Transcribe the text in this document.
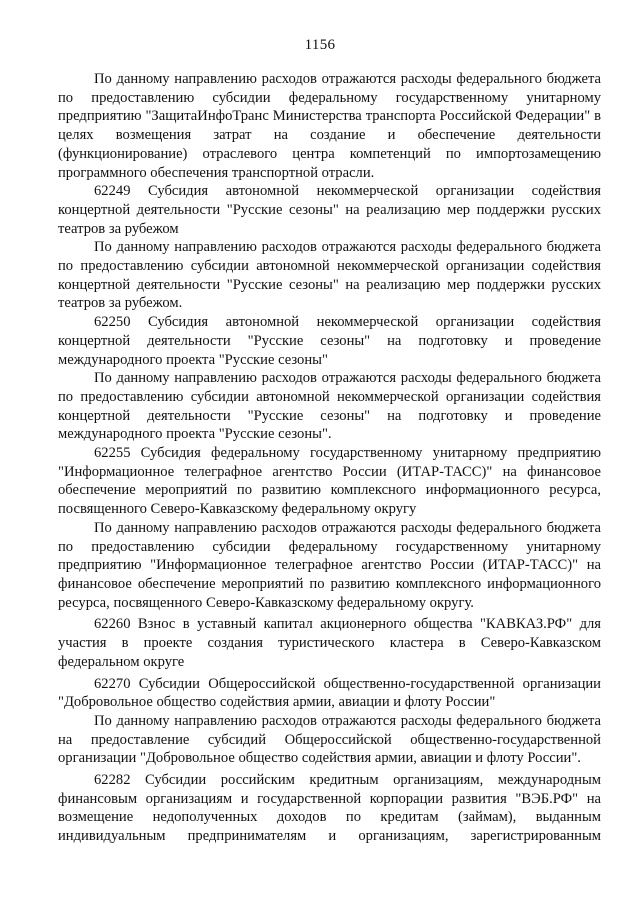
1156

По данному направлению расходов отражаются расходы федерального бюджета по предоставлению субсидии федеральному государственному унитарному предприятию "ЗащитаИнфоТранс Министерства транспорта Российской Федерации" в целях возмещения затрат на создание и обеспечение деятельности (функционирование) отраслевого центра компетенций по импортозамещению программного обеспечения транспортной отрасли.

62249 Субсидия автономной некоммерческой организации содействия концертной деятельности "Русские сезоны" на реализацию мер поддержки русских театров за рубежом

По данному направлению расходов отражаются расходы федерального бюджета по предоставлению субсидии автономной некоммерческой организации содействия концертной деятельности "Русские сезоны" на реализацию мер поддержки русских театров за рубежом.

62250 Субсидия автономной некоммерческой организации содействия концертной деятельности "Русские сезоны" на подготовку и проведение международного проекта "Русские сезоны"

По данному направлению расходов отражаются расходы федерального бюджета по предоставлению субсидии автономной некоммерческой организации содействия концертной деятельности "Русские сезоны" на подготовку и проведение международного проекта "Русские сезоны".

62255 Субсидия федеральному государственному унитарному предприятию "Информационное телеграфное агентство России (ИТАР-ТАСС)" на финансовое обеспечение мероприятий по развитию комплексного информационного ресурса, посвященного Северо-Кавказскому федеральному округу

По данному направлению расходов отражаются расходы федерального бюджета по предоставлению субсидии федеральному государственному унитарному предприятию "Информационное телеграфное агентство России (ИТАР-ТАСС)" на финансовое обеспечение мероприятий по развитию комплексного информационного ресурса, посвященного Северо-Кавказскому федеральному округу.

62260 Взнос в уставный капитал акционерного общества "КАВКАЗ.РФ" для участия в проекте создания туристического кластера в Северо-Кавказском федеральном округе

62270 Субсидии Общероссийской общественно-государственной организации "Добровольное общество содействия армии, авиации и флоту России"

По данному направлению расходов отражаются расходы федерального бюджета на предоставление субсидий Общероссийской общественно-государственной организации "Добровольное общество содействия армии, авиации и флоту России".

62282 Субсидии российским кредитным организациям, международным финансовым организациям и государственной корпорации развития "ВЭБ.РФ" на возмещение недополученных доходов по кредитам (займам), выданным индивидуальным предпринимателям и организациям, зарегистрированным
